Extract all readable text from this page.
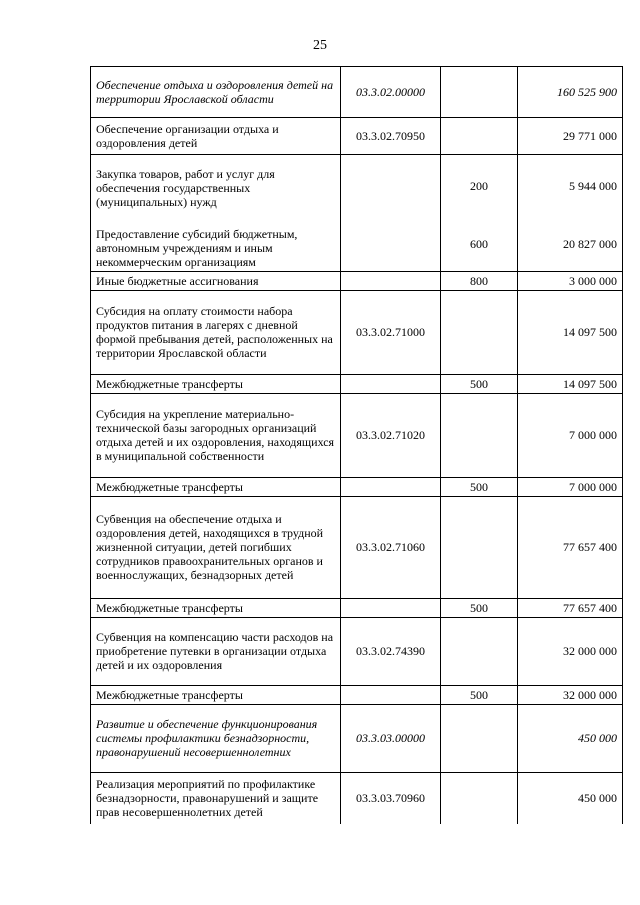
25
Обеспечение отдыха и оздоровления детей на территории Ярославской области	03.3.02.00000		160 525 900
Обеспечение организации отдыха и оздоровления детей	03.3.02.70950		29 771 000
Закупка товаров, работ и услуг для обеспечения государственных (муниципальных) нужд		200	5 944 000
Предоставление субсидий бюджетным, автономным учреждениям и иным некоммерческим организациям		600	20 827 000
Иные бюджетные ассигнования		800	3 000 000
Субсидия на оплату стоимости набора продуктов питания в лагерях с дневной формой пребывания детей, расположенных на территории Ярославской области	03.3.02.71000		14 097 500
Межбюджетные трансферты		500	14 097 500
Субсидия на укрепление материально-технической базы загородных организаций отдыха детей и их оздоровления, находящихся в муниципальной собственности	03.3.02.71020		7 000 000
Межбюджетные трансферты		500	7 000 000
Субвенция на обеспечение отдыха и оздоровления детей, находящихся в трудной жизненной ситуации, детей погибших сотрудников правоохранительных органов и военнослужащих, безнадзорных детей	03.3.02.71060		77 657 400
Межбюджетные трансферты		500	77 657 400
Субвенция на компенсацию части расходов на приобретение путевки в организации отдыха детей и их оздоровления	03.3.02.74390		32 000 000
Межбюджетные трансферты		500	32 000 000
Развитие и обеспечение функционирования системы профилактики безнадзорности, правонарушений несовершеннолетних	03.3.03.00000		450 000
Реализация мероприятий по профилактике безнадзорности, правонарушений и защите прав несовершеннолетних детей	03.3.03.70960		450 000
